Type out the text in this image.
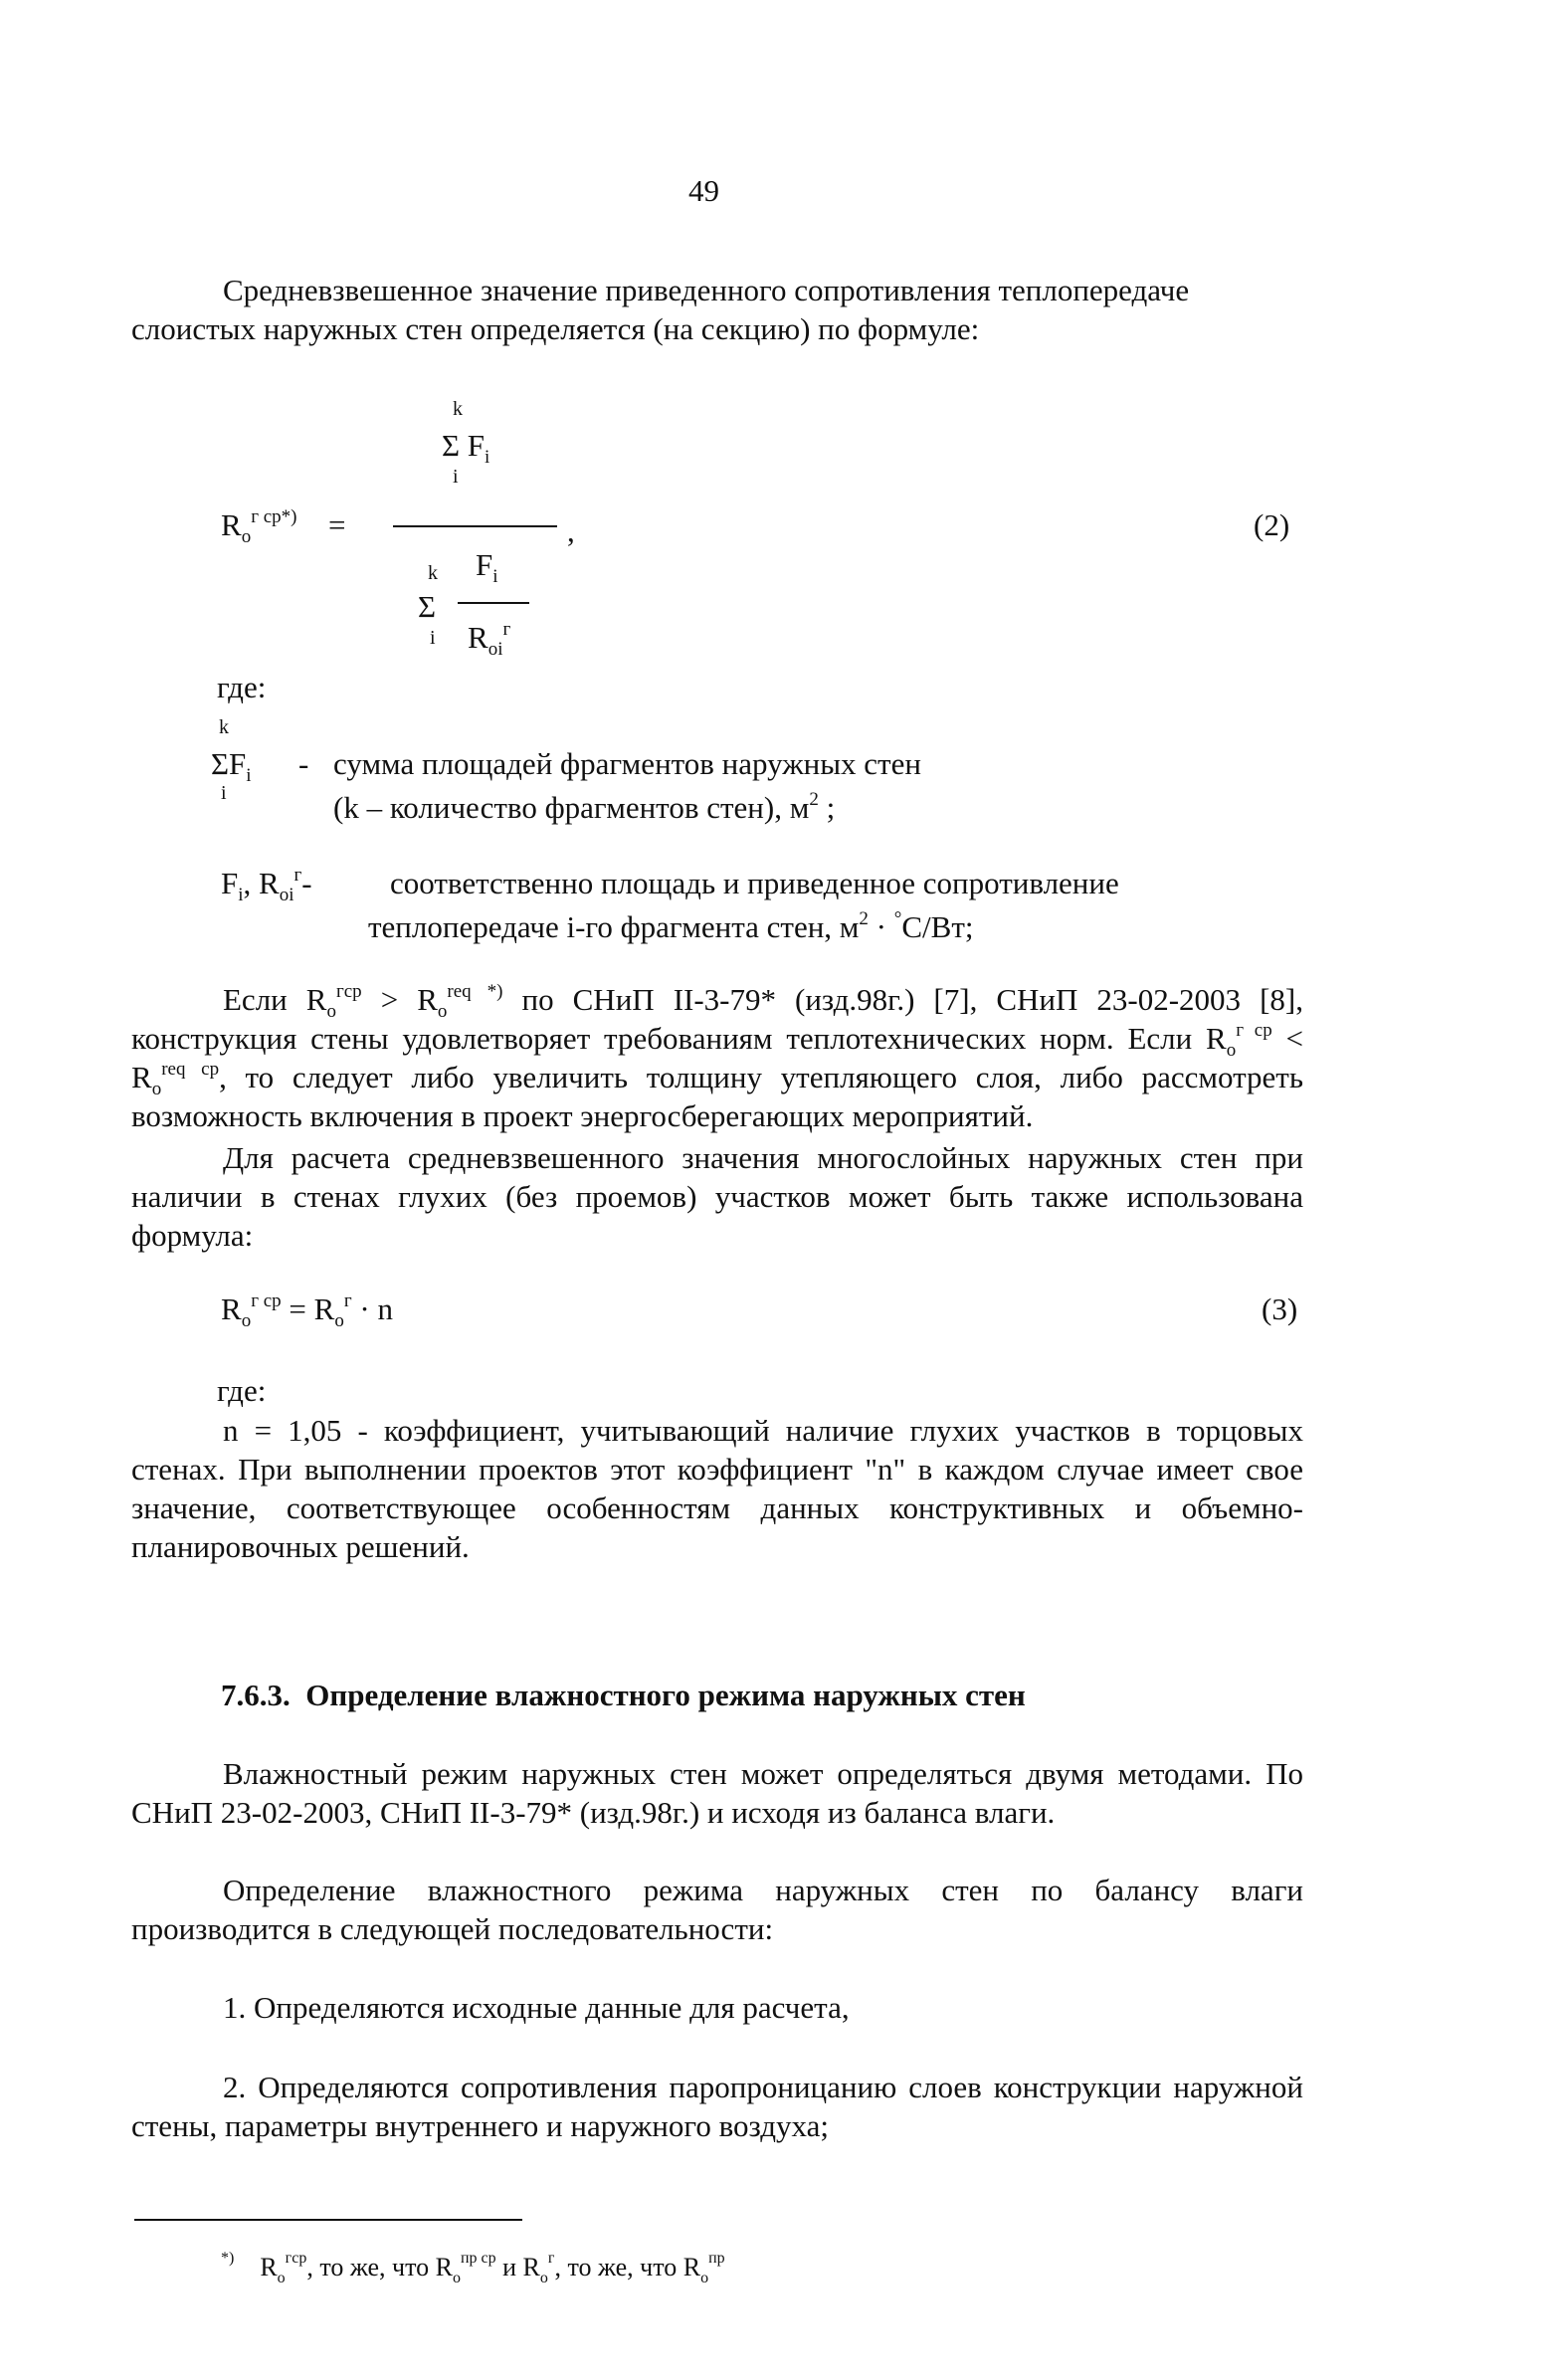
49
Средневзвешенное значение приведенного сопротивления теплопередаче
слоистых наружных стен определяется (на секцию) по формуле:
$R_o^{г ср*)}$ =
k
Σ $F_i$
i
,
k
Σ
i
$F_i$
$R_{oi}^г$
(2)
где:
k
$\Sigma F_i$
i
- сумма площадей фрагментов наружных стен
(k – количество фрагментов стен), $м^2$ ;
$F_i$, $R_{oi}^г-$	соответственно площадь и приведенное сопротивление
теплопередаче i-го фрагмента стен, $м^2 \cdot ^\circ С/Вт$;
Если $R_o^{гср} > R_o^{req *)}$ по СНиП II-3-79* (изд.98г.) [7], СНиП 23-02-2003 [8], конструкция стены удовлетворяет требованиям теплотехнических норм. Если $R_o^{г ср} < R_o^{req ср}$, то следует либо увеличить толщину утепляющего слоя, либо рассмотреть возможность включения в проект энергосберегающих мероприятий.
Для расчета средневзвешенного значения многослойных наружных стен при наличии в стенах глухих (без проемов) участков может быть также использована формула:
$R_o^{г ср} = R_o^г \cdot n$	(3)
где:
n = 1,05 - коэффициент, учитывающий наличие глухих участков в торцовых стенах. При выполнении проектов этот коэффициент "n" в каждом случае имеет свое значение, соответствующее особенностям данных конструктивных и объемно-планировочных решений.
7.6.3. Определение влажностного режима наружных стен
Влажностный режим наружных стен может определяться двумя методами. По СНиП 23-02-2003, СНиП II-3-79* (изд.98г.) и исходя из баланса влаги.
Определение влажностного режима наружных стен по балансу влаги производится в следующей последовательности:
1. Определяются исходные данные для расчета,
2. Определяются сопротивления паропроницанию слоев конструкции наружной стены, параметры внутреннего и наружного воздуха;
*) $R_o^{гср}$, то же, что $R_o^{пр ср}$ и $R_o^г$, то же, что $R_o^{пр}$
